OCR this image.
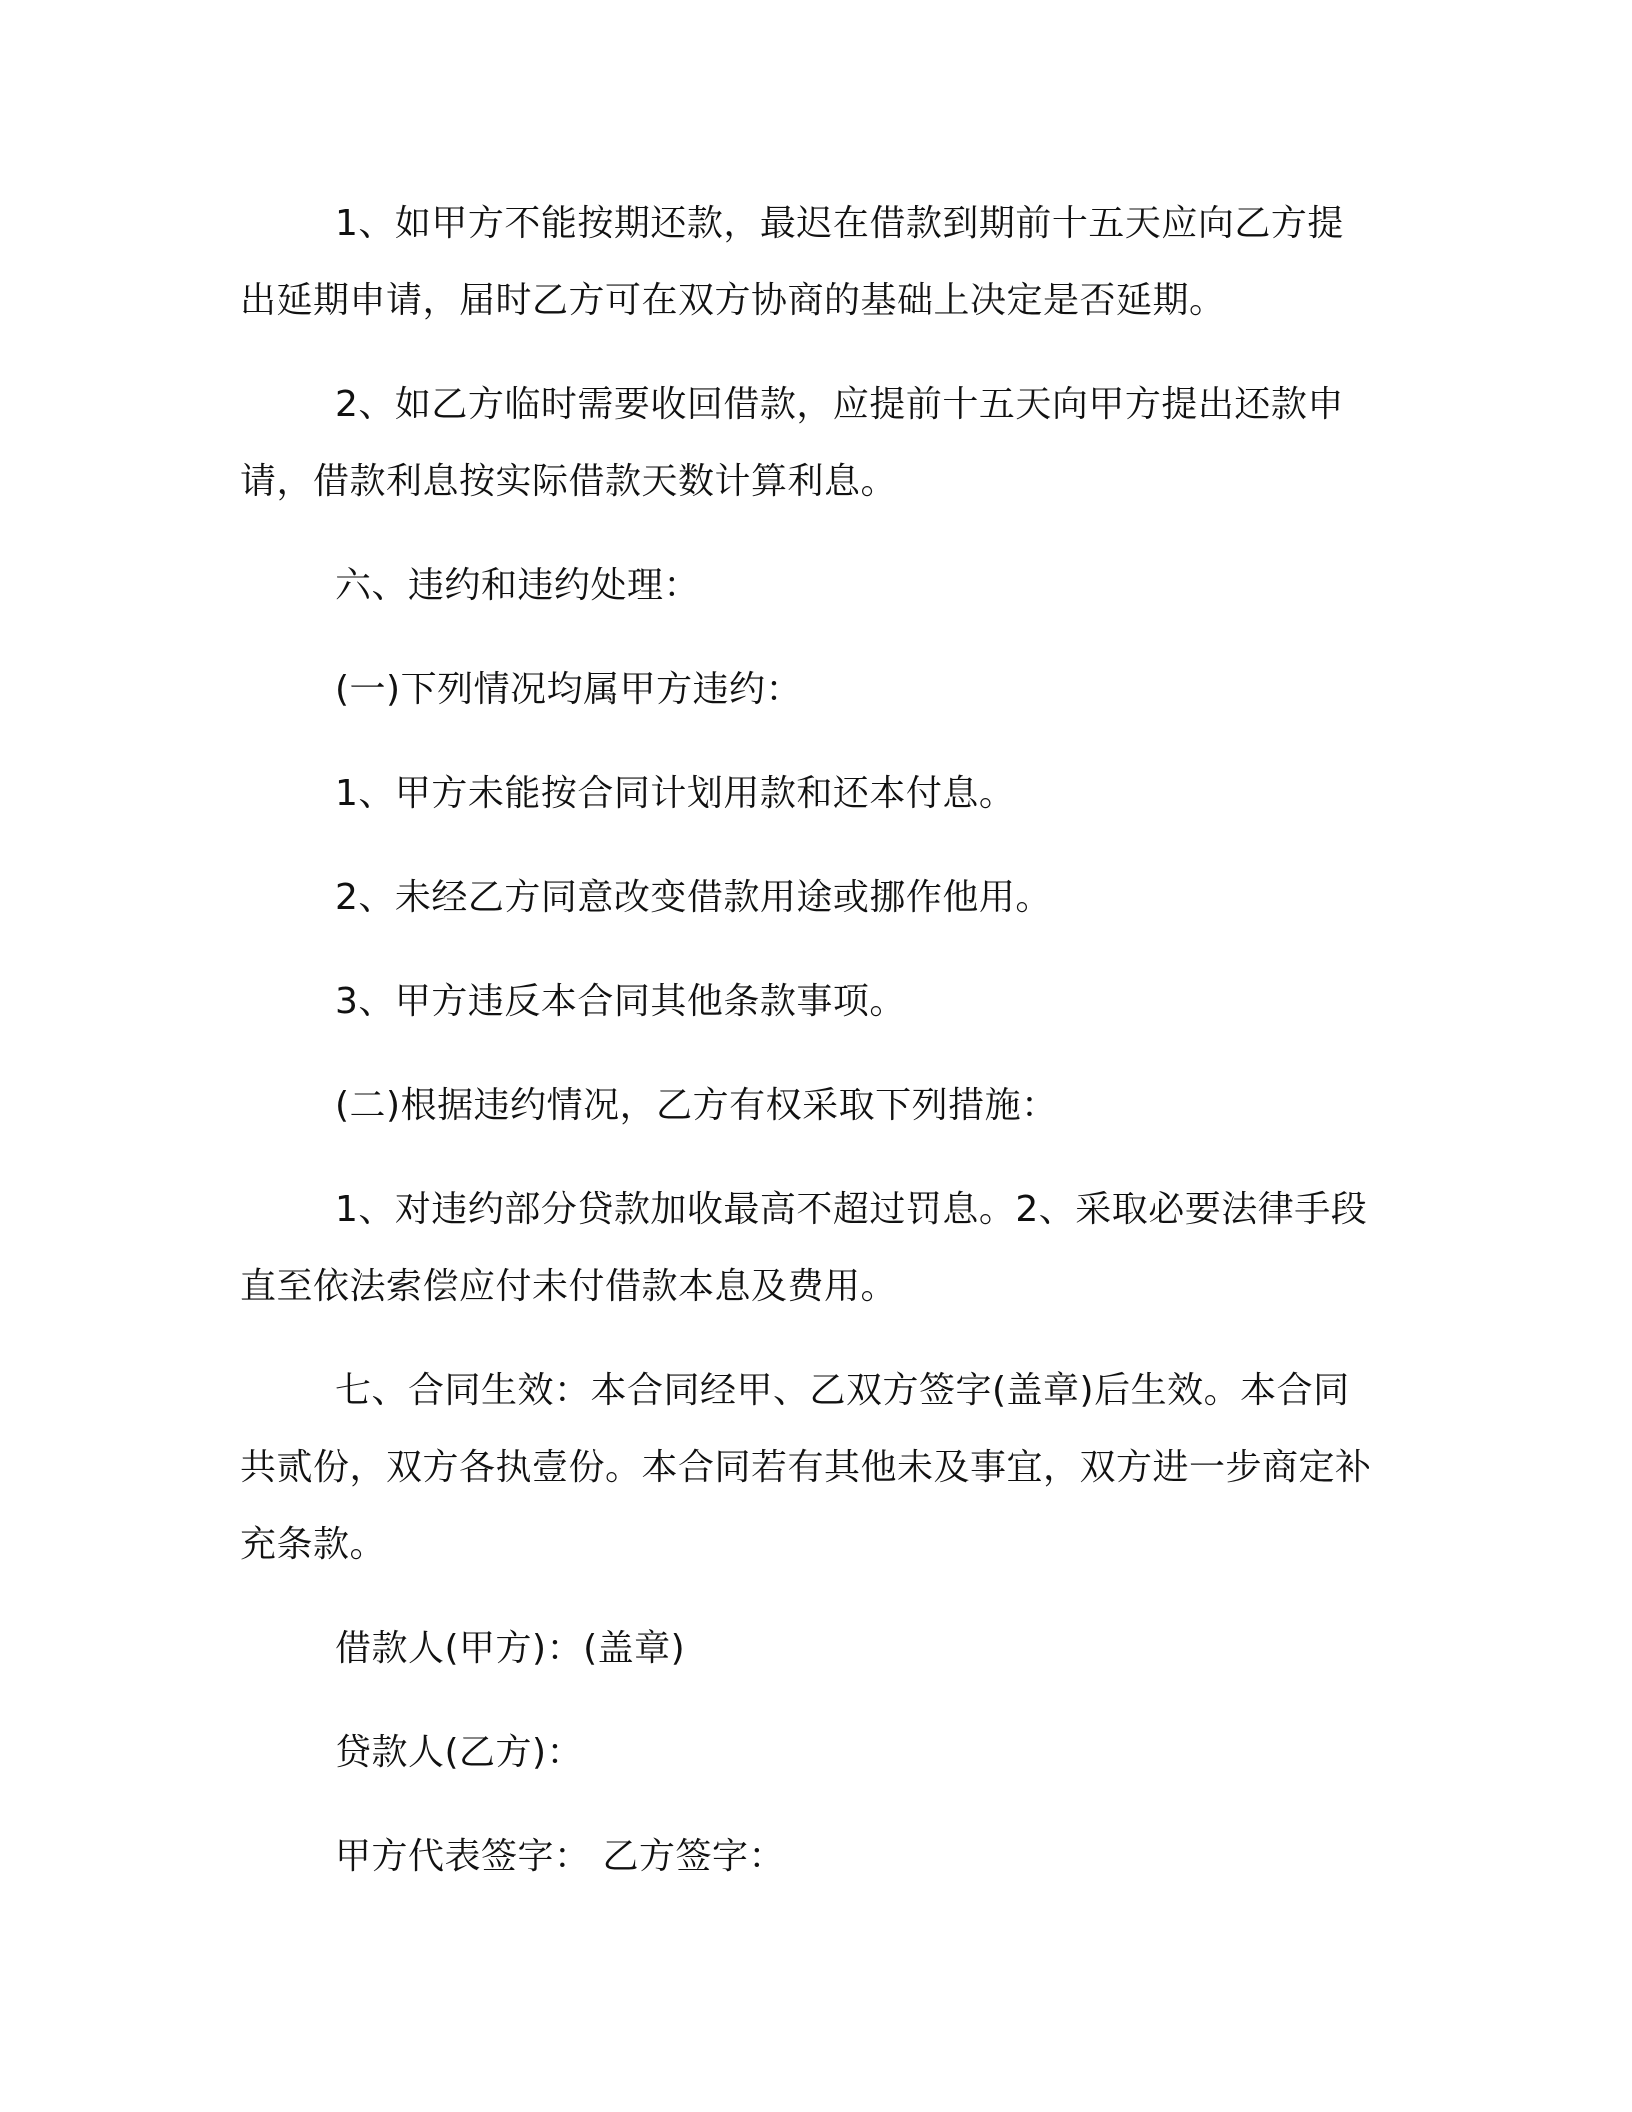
1、如甲方不能按期还款，最迟在借款到期前十五天应向乙方提出延期申请，届时乙方可在双方协商的基础上决定是否延期。

2、如乙方临时需要收回借款，应提前十五天向甲方提出还款申请，借款利息按实际借款天数计算利息。

六、违约和违约处理：

(一)下列情况均属甲方违约：

1、甲方未能按合同计划用款和还本付息。

2、未经乙方同意改变借款用途或挪作他用。

3、甲方违反本合同其他条款事项。

(二)根据违约情况，乙方有权采取下列措施：

1、对违约部分贷款加收最高不超过罚息。2、采取必要法律手段直至依法索偿应付未付借款本息及费用。

七、合同生效：本合同经甲、乙双方签字(盖章)后生效。本合同共贰份，双方各执壹份。本合同若有其他未及事宜，双方进一步商定补充条款。

借款人(甲方)：(盖章)

贷款人(乙方)：

甲方代表签字： 乙方签字：
